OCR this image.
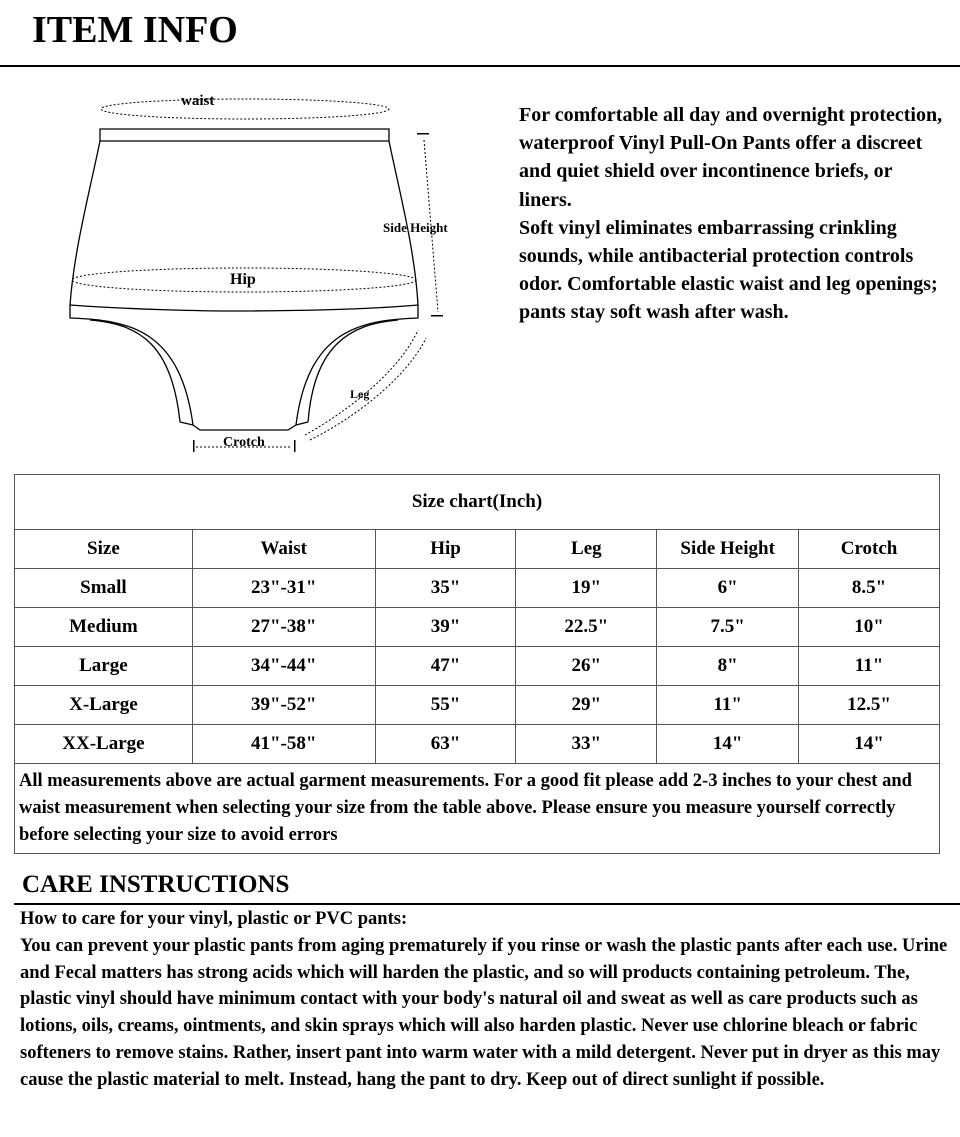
ITEM INFO
waist
Side Height
Hip
Leg
Crotch

For comfortable all day and overnight protection, waterproof Vinyl Pull-On Pants offer a discreet and quiet shield over incontinence briefs, or liners.

Soft vinyl eliminates embarrassing crinkling sounds, while antibacterial protection controls odor. Comfortable elastic waist and leg openings; pants stay soft wash after wash.

Size chart(Inch)					
Size	Waist	Hip	Leg	Side Height	Crotch
Small	23"-31"	35"	19"	6"	8.5"
Medium	27"-38"	39"	22.5"	7.5"	10"
Large	34"-44"	47"	26"	8"	11"
X-Large	39"-52"	55"	29"	11"	12.5"
XX-Large	41"-58"	63"	33"	14"	14"
All measurements above are actual garment measurements. For a good fit please add 2-3 inches to your chest and waist measurement when selecting your size from the table above. Please ensure you measure yourself correctly before selecting your size to avoid errors					
CARE INSTRUCTIONS

How to care for your vinyl, plastic or PVC pants:

You can prevent your plastic pants from aging prematurely if you rinse or wash the plastic pants after each use. Urine and Fecal matters has strong acids which will harden the plastic, and so will products containing petroleum. The, plastic vinyl should have minimum contact with your body's natural oil and sweat as well as care products such as lotions, oils, creams, ointments, and skin sprays which will also harden plastic. Never use chlorine bleach or fabric softeners to remove stains. Rather, insert pant into warm water with a mild detergent. Never put in dryer as this may cause the plastic material to melt. Instead, hang the pant to dry. Keep out of direct sunlight if possible.
